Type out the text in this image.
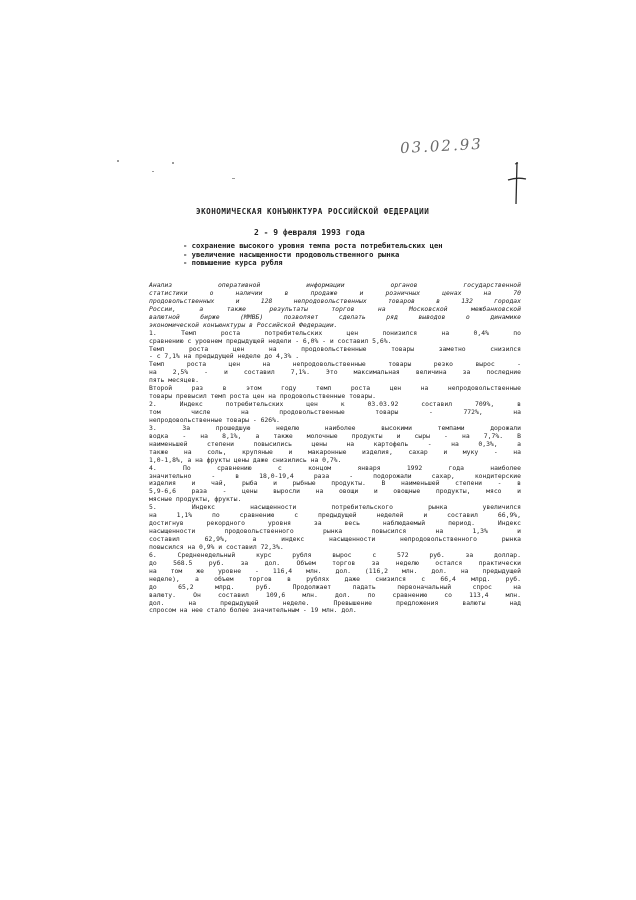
03.02.93
ЭКОНОМИЧЕСКАЯ КОНЪЮНКТУРА РОССИЙСКОЙ ФЕДЕРАЦИИ
2 - 9 февраля 1993 года
- сохранение высокого уровня темпа роста потребительских цен
- увеличение насыщенности продовольственного рынка
- повышение курса рубля
Анализ оперативной информации органов государственной
статистики о наличии в продаже и розничных ценах на 70
продовольственных и 128 непродовольственных товаров в 132 городах
России, а также результаты торгов на Московской межбанковской
валютной бирже (ММВБ) позволяет сделать ряд выводов о динамике
экономической конъюнктуры в Российской Федерации.
1. Темп роста потребительских цен понизился на 0,4% по
сравнению с уровнем предыдущей недели - 6,0% - и составил 5,6%.
Темп роста цен на продовольственные товары заметно снизился
- с 7,1% на предыдущей неделе до 4,3% .
Темп роста цен на непродовольственные товары резко вырос -
на 2,5% - и составил 7,1%. Это максимальная величина за последние
пять месяцев.
Второй раз в этом году темп роста цен на непродовольственные
товары превысил темп роста цен на продовольственные товары.
2. Индекс потребительских цен к 03.03.92 составил 709%, в
том числе на продовольственные товары - 772%, на
непродовольственные товары - 626%.
3. За прошедшую неделю наиболее высокими темпами дорожали
водка - на 8,1%, а также молочные продукты и сыры - на 7,7%. В
наименьшей степени повысились цены на картофель - на 0,3%, а
также на соль, крупяные и макаронные изделия, сахар и муку - на
1,0-1,8%, а на фрукты цены даже снизились на 0,7%.
4. По сравнению с концом января 1992 года наиболее
значительно - в 18,0-19,4 раза - подорожали сахар, кондитерские
изделия и чай, рыба и рыбные продукты. В наименьшей степени - в
5,9-6,6 раза - цены выросли на овощи и овощные продукты, мясо и
мясные продукты, фрукты.
5. Индекс насыщенности потребительского рынка увеличился
на 1,1% по сравнению с предыдущей неделей и составил 66,9%,
достигнув рекордного уровня за весь наблюдаемый период. Индекс
насыщенности продовольственного рынка повысился на 1,3% и
составил 62,9%, а индекс насыщенности непродовольственного рынка
повысился на 0,9% и составил 72,3%.
6. Средненедельный курс рубля вырос с 572 руб. за доллар.
до 568.5 руб. за дол. Объем торгов за неделю остался практически
на том же уровне - 116,4 млн. дол. (116,2 млн. дол. на предыдущей
неделе), а объем торгов в рублях даже снизился с 66,4 млрд. руб.
до 65,2 млрд. руб. Продолжает падать первоначальный спрос на
валюту. Он составил 109,6 млн. дол. по сравнению со 113,4 млн.
дол. на предыдущей неделе. Превышение предложения валюты над
спросом на нее стало более значительным - 19 млн. дол.
